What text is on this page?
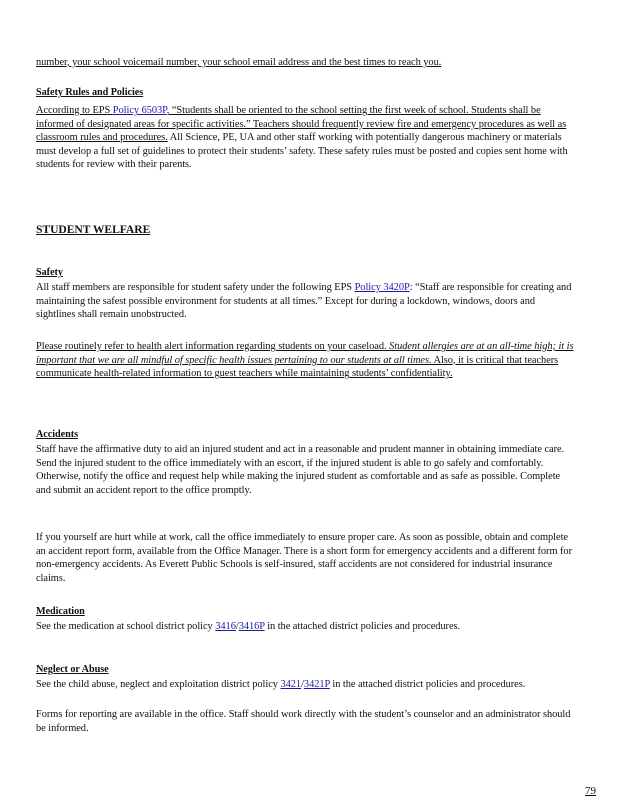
number, your school voicemail number, your school email address and the best times to reach you.
Safety Rules and Policies
According to EPS Policy 6503P, “Students shall be oriented to the school setting the first week of school. Students shall be informed of designated areas for specific activities.” Teachers should frequently review fire and emergency procedures as well as classroom rules and procedures. All Science, PE, UA and other staff working with potentially dangerous machinery or materials must develop a full set of guidelines to protect their students’ safety. These safety rules must be posted and copies sent home with students for review with their parents.
STUDENT WELFARE
Safety
All staff members are responsible for student safety under the following EPS Policy 3420P: “Staff are responsible for creating and maintaining the safest possible environment for students at all times.” Except for during a lockdown, windows, doors and sightlines shall remain unobstructed.
Please routinely refer to health alert information regarding students on your caseload. Student allergies are at an all-time high; it is important that we are all mindful of specific health issues pertaining to our students at all times. Also, it is critical that teachers communicate health-related information to guest teachers while maintaining students’ confidentiality.
Accidents
Staff have the affirmative duty to aid an injured student and act in a reasonable and prudent manner in obtaining immediate care. Send the injured student to the office immediately with an escort, if the injured student is able to go safely and comfortably. Otherwise, notify the office and request help while making the injured student as comfortable and as safe as possible. Complete and submit an accident report to the office promptly.
If you yourself are hurt while at work, call the office immediately to ensure proper care. As soon as possible, obtain and complete an accident report form, available from the Office Manager. There is a short form for emergency accidents and a different form for non-emergency accidents. As Everett Public Schools is self-insured, staff accidents are not considered for industrial insurance claims.
Medication
See the medication at school district policy 3416/3416P in the attached district policies and procedures.
Neglect or Abuse
See the child abuse, neglect and exploitation district policy 3421/3421P in the attached district policies and procedures.
Forms for reporting are available in the office. Staff should work directly with the student’s counselor and an administrator should be informed.
79
